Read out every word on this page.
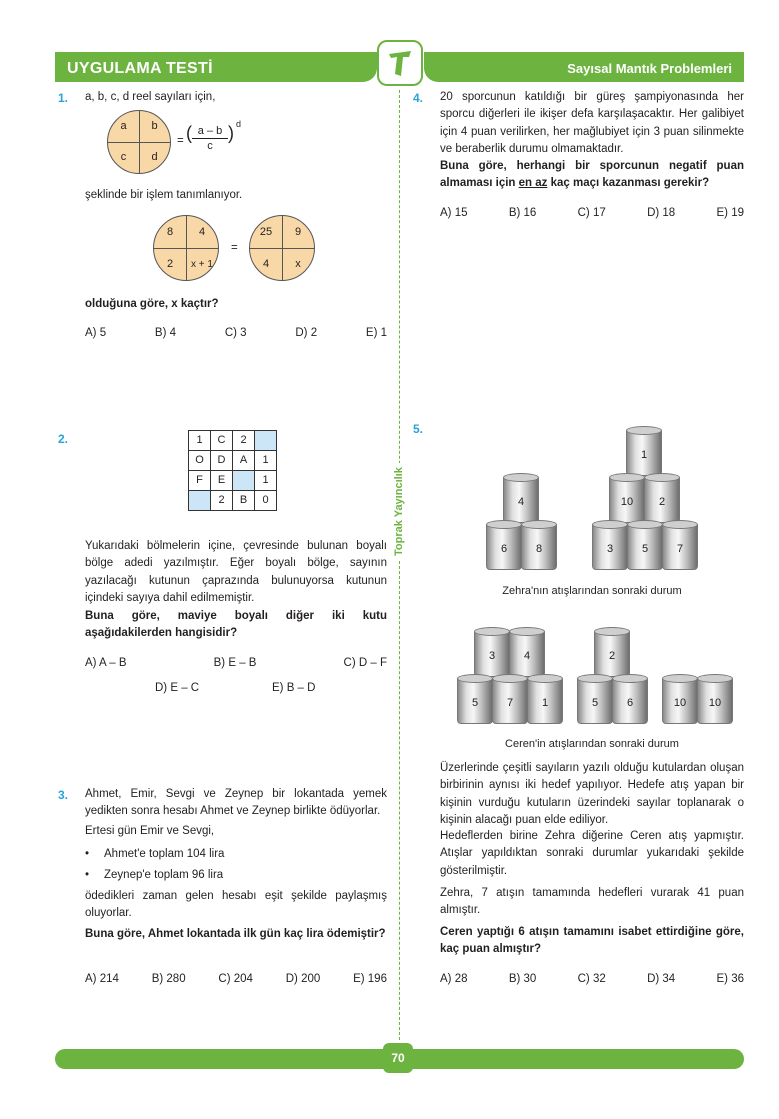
UYGULAMA TESTİ	Sayısal Mantık Problemleri
Toprak Yayıncılık
1. a, b, c, d reel sayıları için,
a	b
c	d
= ( $\frac{a - b}{c}$ ) d
şeklinde bir işlem tanımlanıyor.
8	4
2	x + 1
=
25	9
4	x
olduğuna göre, x kaçtır?
A) 5	B) 4	C) 3	D) 2	E) 1
2.	1	C	2	
O	D	A	1
F	E		1
	2	B	0
Yukarıdaki bölmelerin içine, çevresinde bulunan boyalı bölge adedi yazılmıştır. Eğer boyalı bölge, sayının yazılacağı kutunun çaprazında bulunuyorsa kutunun içindeki sayıya dahil edilmemiştir.
Buna göre, maviye boyalı diğer iki kutu aşağıdakilerden hangisidir?
A) A – B	B) E – B	C) D – F
D) E – C	E) B – D
3. Ahmet, Emir, Sevgi ve Zeynep bir lokantada yemek yedikten sonra hesabı Ahmet ve Zeynep birlikte ödüyorlar.
Ertesi gün Emir ve Sevgi,
• Ahmet'e toplam 104 lira
• Zeynep'e toplam 96 lira
ödedikleri zaman gelen hesabı eşit şekilde paylaşmış oluyorlar.
Buna göre, Ahmet lokantada ilk gün kaç lira ödemiştir?
A) 214	B) 280	C) 204	D) 200	E) 196
4. 20 sporcunun katıldığı bir güreş şampiyonasında her sporcu diğerleri ile ikişer defa karşılaşacaktır. Her galibiyet için 4 puan verilirken, her mağlubiyet için 3 puan silinmekte ve beraberlik durumu olmamaktadır.
Buna göre, herhangi bir sporcunun negatif puan almaması için en az kaç maçı kazanması gerekir?
A) 15	B) 16	C) 17	D) 18	E) 19
5.
1
4	10	2
6	8	3	5	7
Zehra'nın atışlarından sonraki durum
3	4	2
5	7	1	5	6	10	10
Ceren'in atışlarından sonraki durum
Üzerlerinde çeşitli sayıların yazılı olduğu kutulardan oluşan birbirinin aynısı iki hedef yapılıyor. Hedefe atış yapan bir kişinin vurduğu kutuların üzerindeki sayılar toplanarak o kişinin alacağı puan elde ediliyor.
Hedeflerden birine Zehra diğerine Ceren atış yapmıştır. Atışlar yapıldıktan sonraki durumlar yukarıdaki şekilde gösterilmiştir.
Zehra, 7 atışın tamamında hedefleri vurarak 41 puan almıştır.
Ceren yaptığı 6 atışın tamamını isabet ettirdiğine göre, kaç puan almıştır?
A) 28	B) 30	C) 32	D) 34	E) 36
70
